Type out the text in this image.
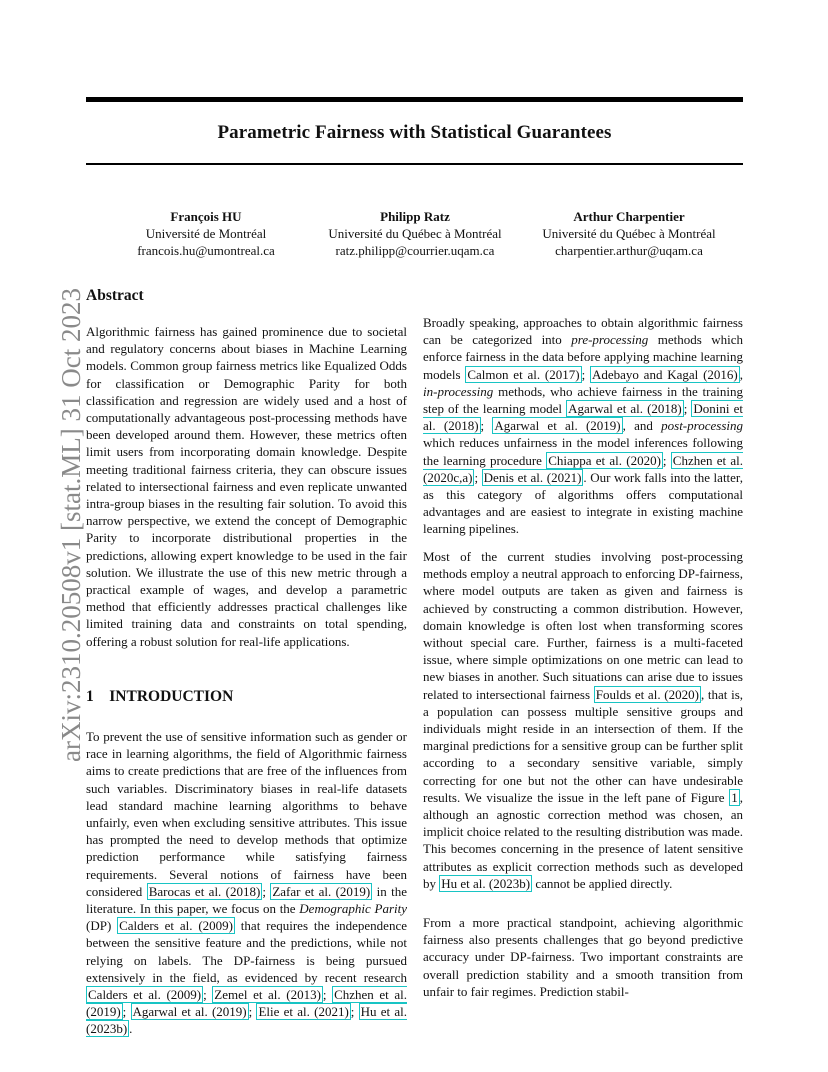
Parametric Fairness with Statistical Guarantees
François HU
Université de Montréal
francois.hu@umontreal.ca
Philipp Ratz
Université du Québec à Montréal
ratz.philipp@courrier.uqam.ca
Arthur Charpentier
Université du Québec à Montréal
charpentier.arthur@uqam.ca
arXiv:2310.20508v1 [stat.ML] 31 Oct 2023 Abstract

Algorithmic fairness has gained prominence due to societal and regulatory concerns about biases in Machine Learning models. Common group fairness metrics like Equalized Odds for classification or Demographic Parity for both classification and regression are widely used and a host of computationally advantageous post-processing methods have been developed around them. However, these metrics often limit users from incorporating domain knowledge. Despite meeting traditional fairness criteria, they can obscure issues related to intersectional fairness and even replicate unwanted intra-group biases in the resulting fair solution. To avoid this narrow perspective, we extend the concept of Demographic Parity to incorporate distributional properties in the predictions, allowing expert knowledge to be used in the fair solution. We illustrate the use of this new metric through a practical example of wages, and develop a parametric method that efficiently addresses practical challenges like limited training data and constraints on total spending, offering a robust solution for real-life applications.

1 INTRODUCTION

To prevent the use of sensitive information such as gender or race in learning algorithms, the field of Algorithmic fairness aims to create predictions that are free of the influences from such variables. Discriminatory biases in real-life datasets lead standard machine learning algorithms to behave unfairly, even when excluding sensitive attributes. This issue has prompted the need to develop methods that optimize prediction performance while satisfying fairness requirements. Several notions of fairness have been considered Barocas et al. (2018) ; Zafar et al. (2019) in the literature. In this paper, we focus on the Demographic Parity (DP) Calders et al. (2009) that requires the independence between the sensitive feature and the predictions, while not relying on labels. The DP-fairness is being pursued extensively in the field, as evidenced by recent research Calders et al. (2009) ; Zemel et al. (2013) ; Chzhen et al. (2019) ; Agarwal et al. (2019) ; Elie et al. (2021) ; Hu et al. (2023b) .

Broadly speaking, approaches to obtain algorithmic fairness can be categorized into pre-processing methods which enforce fairness in the data before applying machine learning models Calmon et al. (2017) ; Adebayo and Kagal (2016) , in-processing methods, who achieve fairness in the training step of the learning model Agarwal et al. (2018) ; Donini et al. (2018) ; Agarwal et al. (2019) , and post-processing which reduces unfairness in the model inferences following the learning procedure Chiappa et al. (2020) ; Chzhen et al. (2020c,a) ; Denis et al. (2021) . Our work falls into the latter, as this category of algorithms offers computational advantages and are easiest to integrate in existing machine learning pipelines.

Most of the current studies involving post-processing methods employ a neutral approach to enforcing DP-fairness, where model outputs are taken as given and fairness is achieved by constructing a common distribution. However, domain knowledge is often lost when transforming scores without special care. Further, fairness is a multi-faceted issue, where simple optimizations on one metric can lead to new biases in another. Such situations can arise due to issues related to intersectional fairness Foulds et al. (2020) , that is, a population can possess multiple sensitive groups and individuals might reside in an intersection of them. If the marginal predictions for a sensitive group can be further split according to a secondary sensitive variable, simply correcting for one but not the other can have undesirable results. We visualize the issue in the left pane of Figure 1 , although an agnostic correction method was chosen, an implicit choice related to the resulting distribution was made. This becomes concerning in the presence of latent sensitive attributes as explicit correction methods such as developed by Hu et al. (2023b) cannot be applied directly.

From a more practical standpoint, achieving algorithmic fairness also presents challenges that go beyond predictive accuracy under DP-fairness. Two important constraints are overall prediction stability and a smooth transition from unfair to fair regimes. Prediction stabil-
